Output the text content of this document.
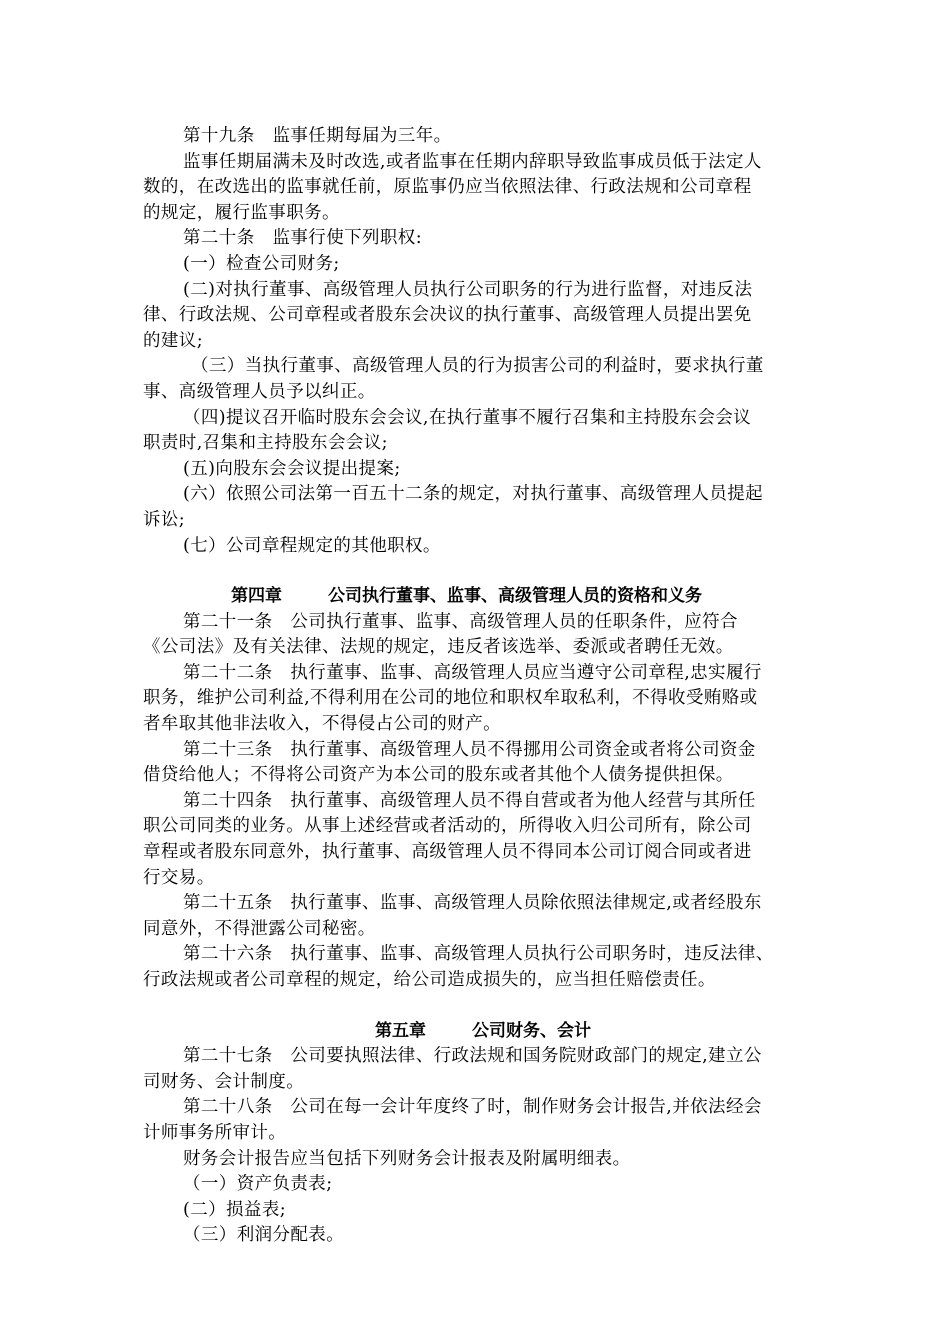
第十九条　监事任期每届为三年。
监事任期届满未及时改选,或者监事在任期内辞职导致监事成员低于法定人
数的，在改选出的监事就任前，原监事仍应当依照法律、行政法规和公司章程
的规定，履行监事职务。
第二十条　监事行使下列职权:
(一）检查公司财务;
(二)对执行董事、高级管理人员执行公司职务的行为进行监督，对违反法
律、行政法规、公司章程或者股东会决议的执行董事、高级管理人员提出罢免
的建议;
（三）当执行董事、高级管理人员的行为损害公司的利益时，要求执行董
事、高级管理人员予以纠正。
（四)提议召开临时股东会会议,在执行董事不履行召集和主持股东会会议
职责时,召集和主持股东会会议;
(五)向股东会会议提出提案;
(六）依照公司法第一百五十二条的规定，对执行董事、高级管理人员提起
诉讼;
(七）公司章程规定的其他职权。
第四章	公司执行董事、监事、高级管理人员的资格和义务
第二十一条　公司执行董事、监事、高级管理人员的任职条件，应符合
《公司法》及有关法律、法规的规定，违反者该选举、委派或者聘任无效。
第二十二条　执行董事、监事、高级管理人员应当遵守公司章程,忠实履行
职务，维护公司利益,不得利用在公司的地位和职权牟取私利，不得收受贿赂或
者牟取其他非法收入，不得侵占公司的财产。
第二十三条　执行董事、高级管理人员不得挪用公司资金或者将公司资金
借贷给他人；不得将公司资产为本公司的股东或者其他个人债务提供担保。
第二十四条　执行董事、高级管理人员不得自营或者为他人经营与其所任
职公司同类的业务。从事上述经营或者活动的，所得收入归公司所有，除公司
章程或者股东同意外，执行董事、高级管理人员不得同本公司订阅合同或者进
行交易。
第二十五条　执行董事、监事、高级管理人员除依照法律规定,或者经股东
同意外，不得泄露公司秘密。
第二十六条　执行董事、监事、高级管理人员执行公司职务时，违反法律、
行政法规或者公司章程的规定，给公司造成损失的，应当担任赔偿责任。
第五章	公司财务、会计
第二十七条　公司要执照法律、行政法规和国务院财政部门的规定,建立公
司财务、会计制度。
第二十八条　公司在每一会计年度终了时，制作财务会计报告,并依法经会
计师事务所审计。
财务会计报告应当包括下列财务会计报表及附属明细表。
（一）资产负责表;
(二）损益表;
（三）利润分配表。
